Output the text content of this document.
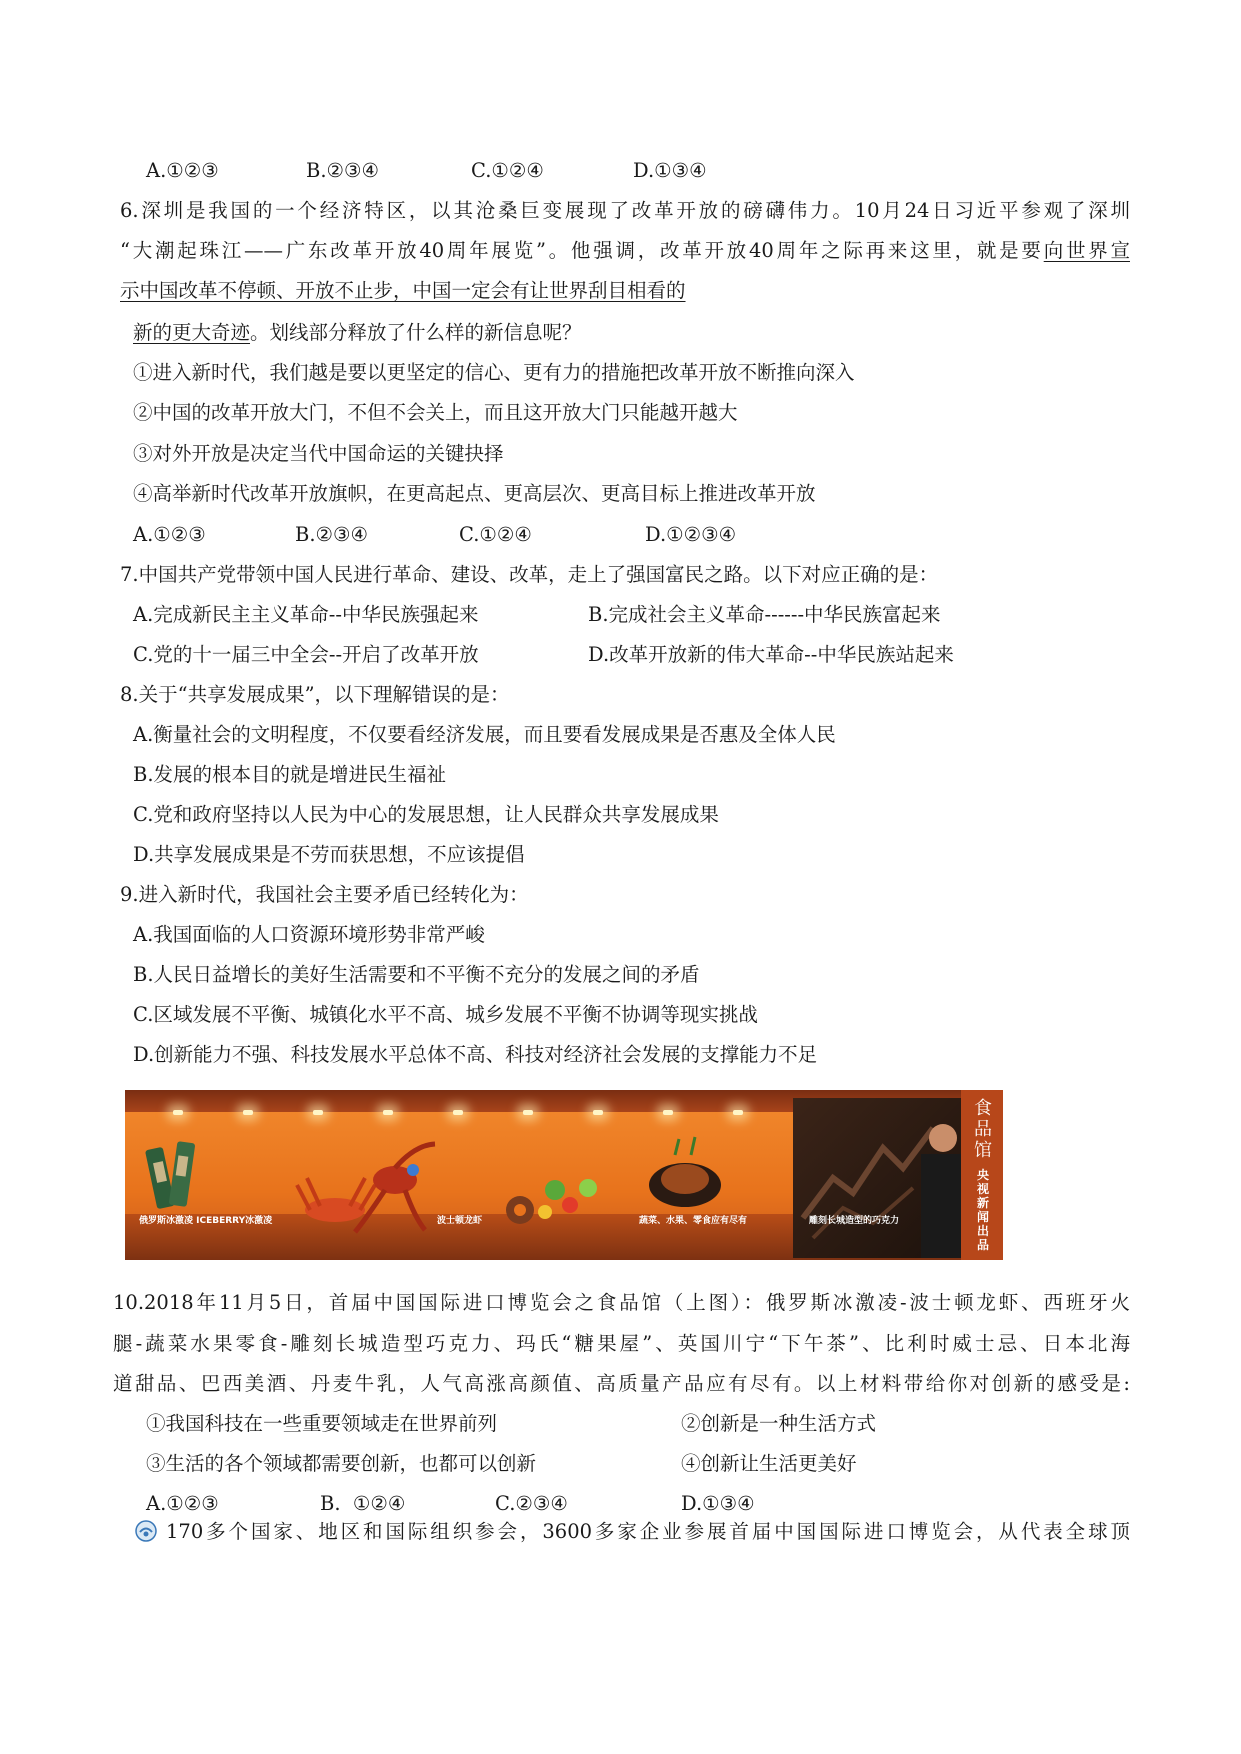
A.①②③	B.②③④	C.①②④	D.①③④
6.深圳是我国的一个经济特区，以其沧桑巨变展现了改革开放的磅礴伟力。10月24日习近平参观了深圳
“大潮起珠江——广东改革开放40周年展览”。他强调，改革开放40周年之际再来这里，就是要向世界宣
示中国改革不停顿、开放不止步，中国一定会有让世界刮目相看的
新的更大奇迹。划线部分释放了什么样的新信息呢？
①进入新时代，我们越是要以更坚定的信心、更有力的措施把改革开放不断推向深入
②中国的改革开放大门，不但不会关上，而且这开放大门只能越开越大
③对外开放是决定当代中国命运的关键抉择
④高举新时代改革开放旗帜，在更高起点、更高层次、更高目标上推进改革开放
A.①②③	B.②③④	C.①②④	D.①②③④
7.中国共产党带领中国人民进行革命、建设、改革，走上了强国富民之路。以下对应正确的是：
A.完成新民主主义革命--中华民族强起来	B.完成社会主义革命------中华民族富起来
C.党的十一届三中全会--开启了改革开放	D.改革开放新的伟大革命--中华民族站起来
8.关于“共享发展成果”，以下理解错误的是：
A.衡量社会的文明程度，不仅要看经济发展，而且要看发展成果是否惠及全体人民
B.发展的根本目的就是增进民生福祉
C.党和政府坚持以人民为中心的发展思想，让人民群众共享发展成果
D.共享发展成果是不劳而获思想，不应该提倡
9.进入新时代，我国社会主要矛盾已经转化为：
A.我国面临的人口资源环境形势非常严峻
B.人民日益增长的美好生活需要和不平衡不充分的发展之间的矛盾
C.区域发展不平衡、城镇化水平不高、城乡发展不平衡不协调等现实挑战
D.创新能力不强、科技发展水平总体不高、科技对经济社会发展的支撑能力不足
俄罗斯冰激凌 ICEBERRY冰激凌	波士顿龙虾	蔬菜、水果、零食应有尽有	雕刻长城造型的巧克力
食品馆
央视新闻出品
10.2018年11月5日，首届中国国际进口博览会之食品馆（上图）：俄罗斯冰激凌-波士顿龙虾、西班牙火
腿-蔬菜水果零食-雕刻长城造型巧克力、玛氏“糖果屋”、英国川宁“下午茶”、比利时威士忌、日本北海
道甜品、巴西美酒、丹麦牛乳，人气高涨高颜值、高质量产品应有尽有。以上材料带给你对创新的感受是:
①我国科技在一些重要领域走在世界前列	②创新是一种生活方式
③生活的各个领域都需要创新，也都可以创新	④创新让生活更美好
A.①②③	B.  ①②④	C.②③④	D.①③④
170多个国家、地区和国际组织参会，3600多家企业参展首届中国国际进口博览会，从代表全球顶
